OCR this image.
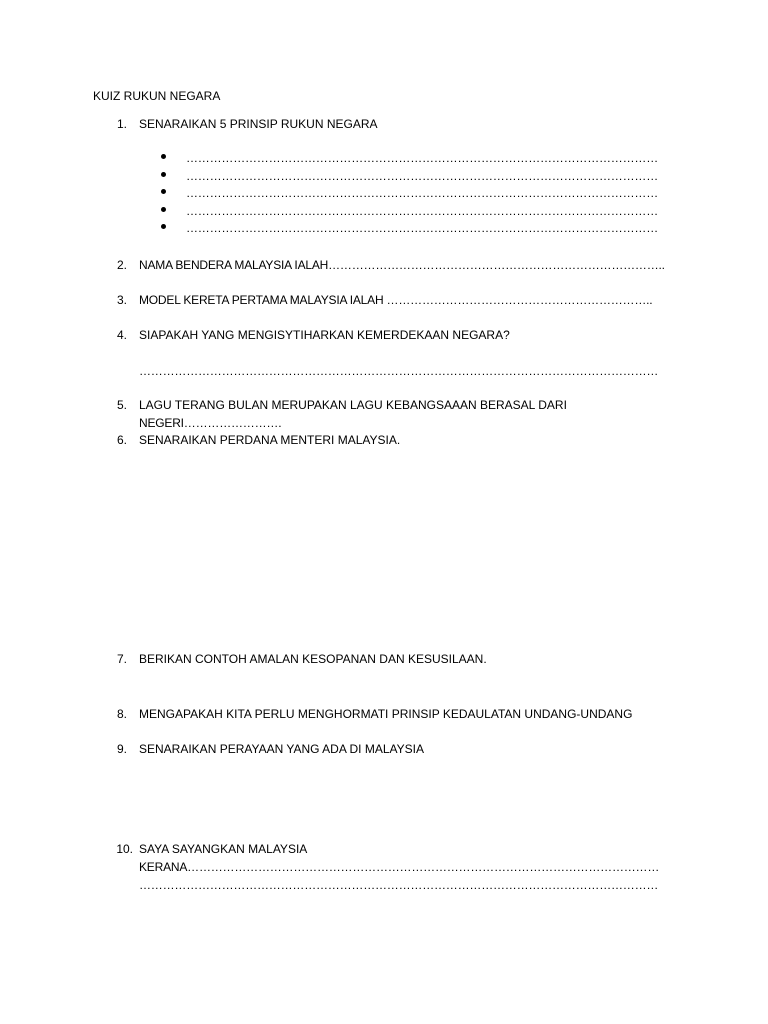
KUIZ RUKUN NEGARA
1. SENARAIKAN 5 PRINSIP RUKUN NEGARA
…………………………………………………………………………………………………………
…………………………………………………………………………………………………………
…………………………………………………………………………………………………………
…………………………………………………………………………………………………………
…………………………………………………………………………………………………………
2. NAMA BENDERA MALAYSIA IALAH…………………………………………………………………………..
3. MODEL KERETA PERTAMA MALAYSIA IALAH …………………………………………………………..
4. SIAPAKAH YANG MENGISYTIHARKAN KEMERDEKAAN NEGARA?
……………………………………………………………………………………………………………………
5. LAGU TERANG BULAN MERUPAKAN LAGU KEBANGSAAAN BERASAL DARI
NEGERI…………………….
6. SENARAIKAN PERDANA MENTERI MALAYSIA.
7. BERIKAN CONTOH AMALAN KESOPANAN DAN KESUSILAAN.
8. MENGAPAKAH KITA PERLU MENGHORMATI PRINSIP KEDAULATAN UNDANG-UNDANG
9. SENARAIKAN PERAYAAN YANG ADA DI MALAYSIA
10. SAYA SAYANGKAN MALAYSIA
KERANA…………………………………………………………………………………………………………
……………………………………………………………………………………………………………………
